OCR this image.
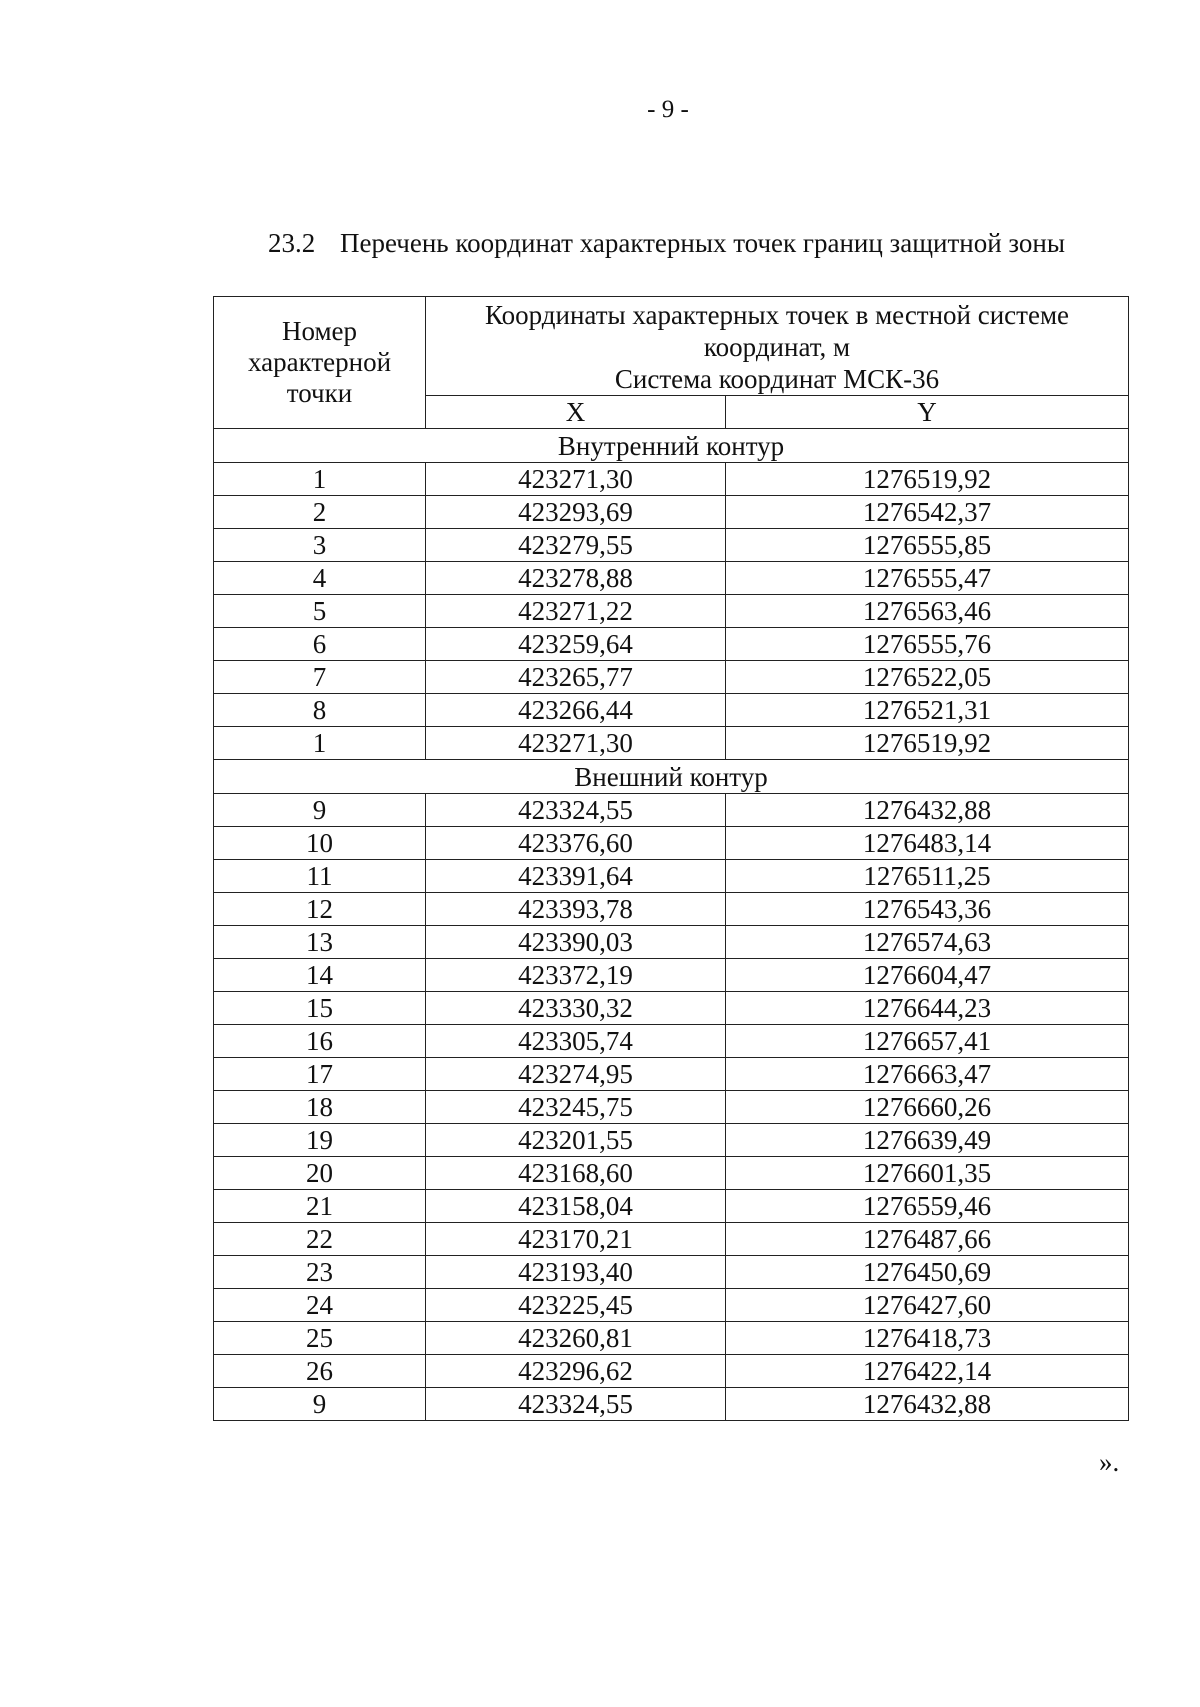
- 9 -
23.2 Перечень координат характерных точек границ защитной зоны
Номер характерной точки	Координаты характерных точек в местной системе координат, м
Система координат МСК-36	

	X	Y
Внутренний контур		
1	423271,30	1276519,92
2	423293,69	1276542,37
3	423279,55	1276555,85
4	423278,88	1276555,47
5	423271,22	1276563,46
6	423259,64	1276555,76
7	423265,77	1276522,05
8	423266,44	1276521,31
1	423271,30	1276519,92
Внешний контур		
9	423324,55	1276432,88
10	423376,60	1276483,14
11	423391,64	1276511,25
12	423393,78	1276543,36
13	423390,03	1276574,63
14	423372,19	1276604,47
15	423330,32	1276644,23
16	423305,74	1276657,41
17	423274,95	1276663,47
18	423245,75	1276660,26
19	423201,55	1276639,49
20	423168,60	1276601,35
21	423158,04	1276559,46
22	423170,21	1276487,66
23	423193,40	1276450,69
24	423225,45	1276427,60
25	423260,81	1276418,73
26	423296,62	1276422,14
9	423324,55	1276432,88
».
